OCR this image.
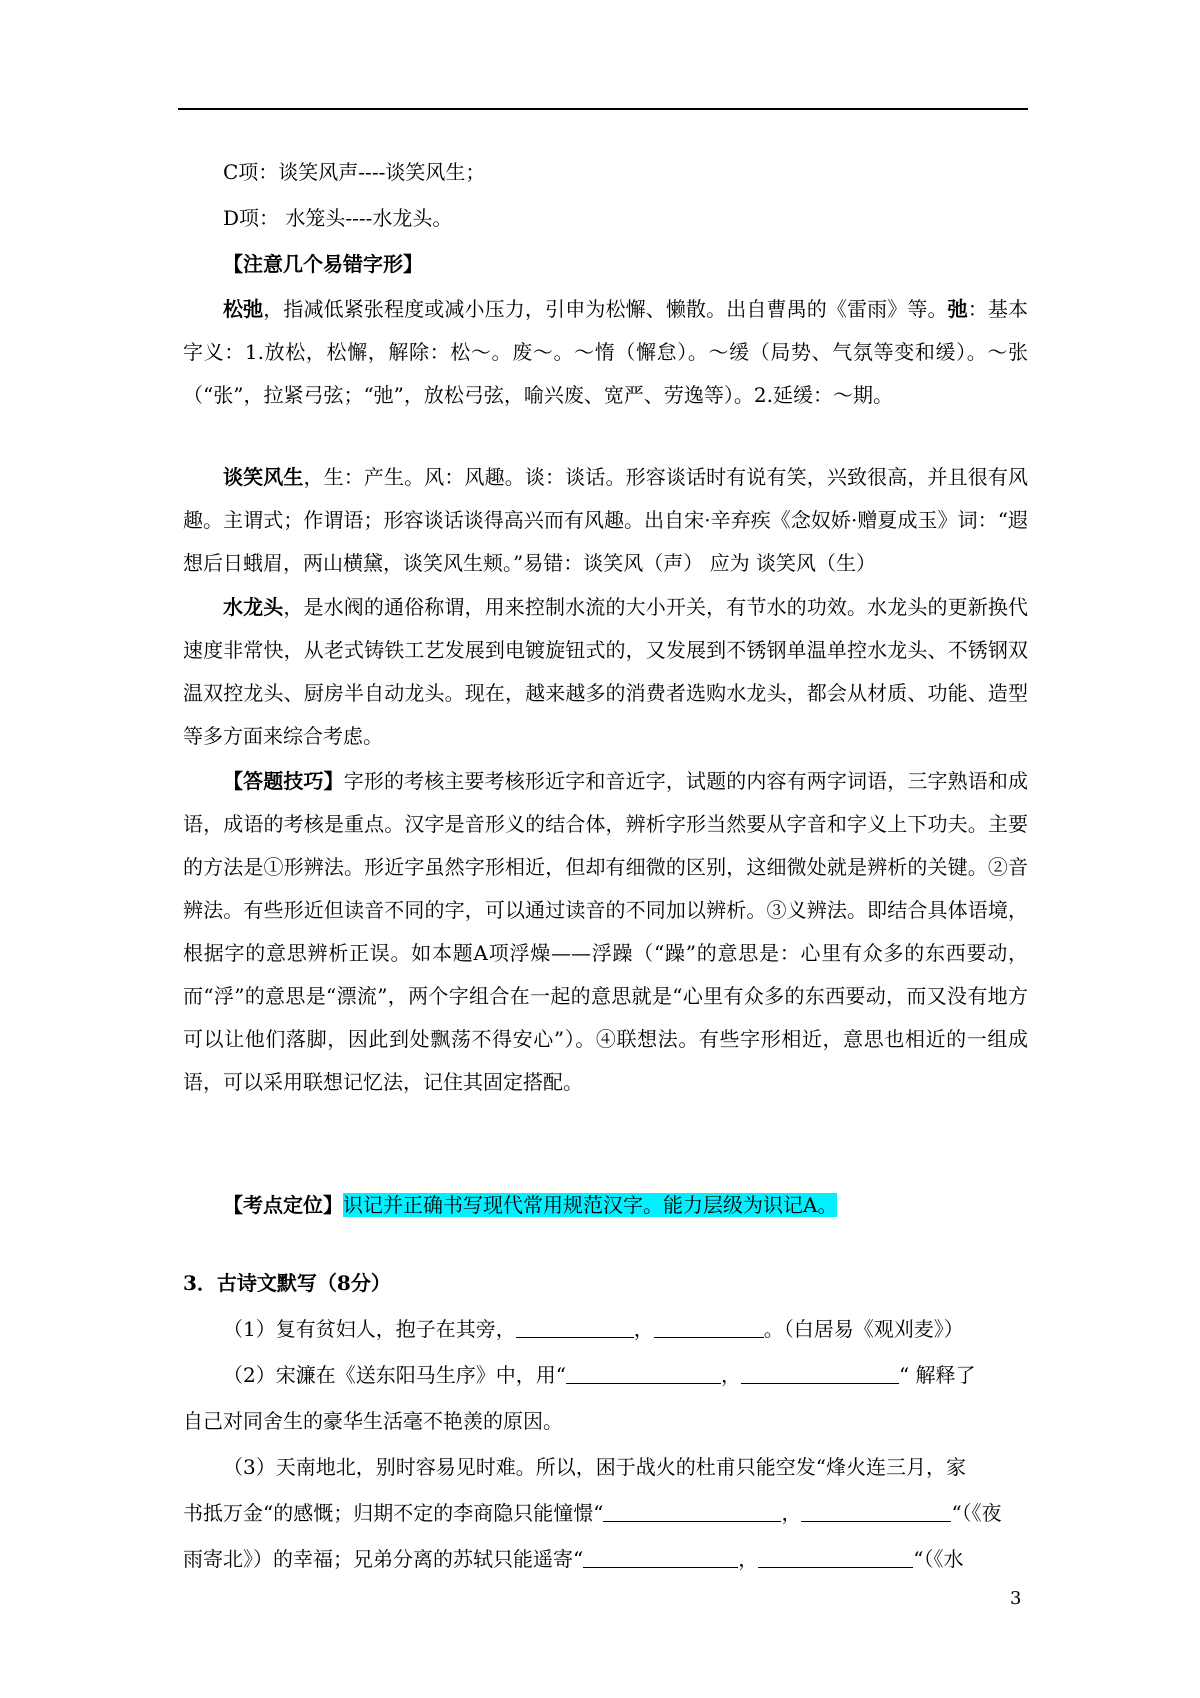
C项：谈笑风声----谈笑风生；
D项： 水笼头----水龙头。
【注意几个易错字形】
松弛，指减低紧张程度或减小压力，引申为松懈、懒散。出自曹禺的《雷雨》等。弛：基本字义：1.放松，松懈，解除：松～。废～。～惰（懈怠）。～缓（局势、气氛等变和缓）。～张（“张”，拉紧弓弦；“弛”，放松弓弦，喻兴废、宽严、劳逸等）。2.延缓：～期。
谈笑风生，生：产生。风：风趣。谈：谈话。形容谈话时有说有笑，兴致很高，并且很有风趣。主谓式；作谓语；形容谈话谈得高兴而有风趣。出自宋·辛弃疾《念奴娇·赠夏成玉》词：“遐想后日蛾眉，两山横黛，谈笑风生颊。”易错：谈笑风（声） 应为 谈笑风（生）
水龙头，是水阀的通俗称谓，用来控制水流的大小开关，有节水的功效。水龙头的更新换代速度非常快，从老式铸铁工艺发展到电镀旋钮式的，又发展到不锈钢单温单控水龙头、不锈钢双温双控龙头、厨房半自动龙头。现在，越来越多的消费者选购水龙头，都会从材质、功能、造型等多方面来综合考虑。
【答题技巧】字形的考核主要考核形近字和音近字，试题的内容有两字词语，三字熟语和成语，成语的考核是重点。汉字是音形义的结合体，辨析字形当然要从字音和字义上下功夫。主要的方法是①形辨法。形近字虽然字形相近，但却有细微的区别，这细微处就是辨析的关键。②音辨法。有些形近但读音不同的字，可以通过读音的不同加以辨析。③义辨法。即结合具体语境，根据字的意思辨析正误。如本题A项浮燥——浮躁（“躁”的意思是：心里有众多的东西要动，而“浮”的意思是“漂流”，两个字组合在一起的意思就是“心里有众多的东西要动，而又没有地方可以让他们落脚，因此到处飘荡不得安心”）。④联想法。有些字形相近，意思也相近的一组成语，可以采用联想记忆法，记住其固定搭配。
【考点定位】识记并正确书写现代常用规范汉字。能力层级为识记A。
3．古诗文默写（8分）
（1）复有贫妇人，抱子在其旁，	，	。（白居易《观刈麦》）
（2）宋濂在《送东阳马生序》中，用“	，	“ 解释了
自己对同舍生的豪华生活毫不艳羡的原因。
（3）天南地北，别时容易见时难。所以，困于战火的杜甫只能空发“烽火连三月，家
书抵万金“的感慨；归期不定的李商隐只能憧憬“	，	“（《夜
雨寄北》）的幸福；兄弟分离的苏轼只能遥寄“	，	“（《水
3
